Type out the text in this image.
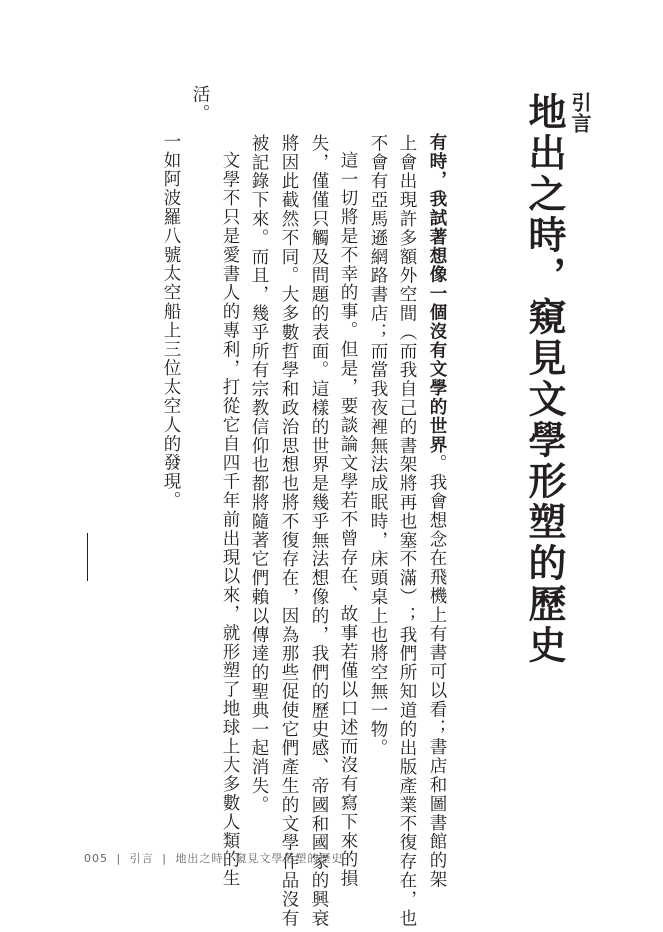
引言
地出之時，窺見文學形塑的歷史

有時，我試著想像一個沒有文學的世界。我會想念在飛機上有書可以看；書店和圖書館的架

上會出現許多額外空間（而我自己的書架將再也塞不滿）；我們所知道的出版產業不復存在，也

不會有亞馬遜網路書店；而當我夜裡無法成眠時，床頭桌上也將空無一物。

這一切將是不幸的事。但是，要談論文學若不曾存在、故事若僅以口述而沒有寫下來的損

失，僅僅只觸及問題的表面。這樣的世界是幾乎無法想像的，我們的歷史感、帝國和國家的興衰

將因此截然不同。大多數哲學和政治思想也將不復存在，因為那些促使它們產生的文學作品沒有

被記錄下來。而且，幾乎所有宗教信仰也都將隨著它們賴以傳達的聖典一起消失。

文學不只是愛書人的專利，打從它自四千年前出現以來，就形塑了地球上大多數人類的生

活。

一如阿波羅八號太空船上三位太空人的發現。

005 | 引言 | 地出之時，窺見文學形塑的歷史
